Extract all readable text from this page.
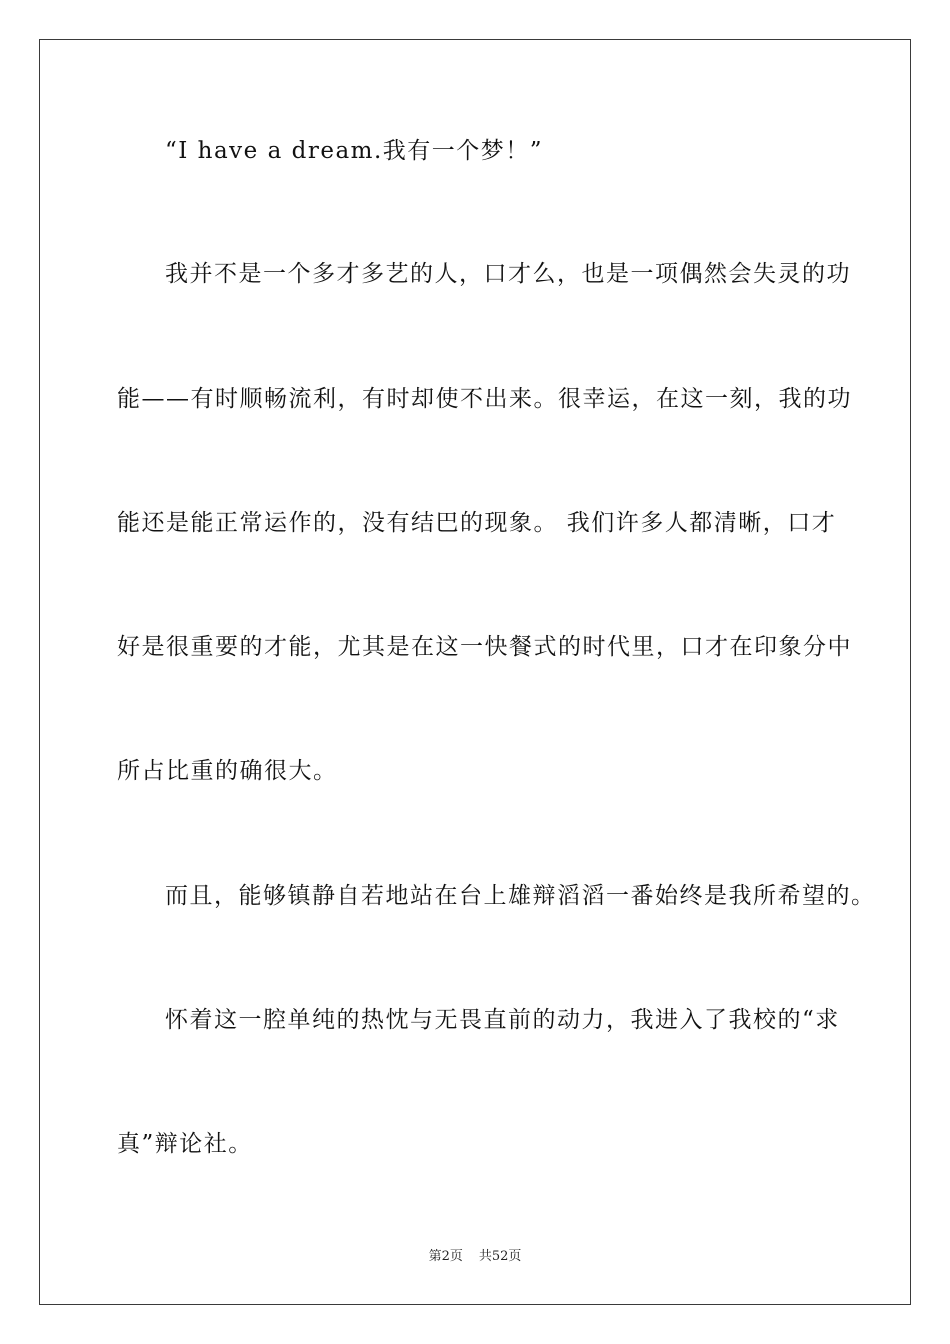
“I have a dream.我有一个梦！”
我并不是一个多才多艺的人，口才么，也是一项偶然会失灵的功
能——有时顺畅流利，有时却使不出来。很幸运，在这一刻，我的功
能还是能正常运作的，没有结巴的现象。 我们许多人都清晰，口才
好是很重要的才能，尤其是在这一快餐式的时代里，口才在印象分中
所占比重的确很大。
而且，能够镇静自若地站在台上雄辩滔滔一番始终是我所希望的。
怀着这一腔单纯的热忱与无畏直前的动力，我进入了我校的“求
真”辩论社。
第2页 共52页
